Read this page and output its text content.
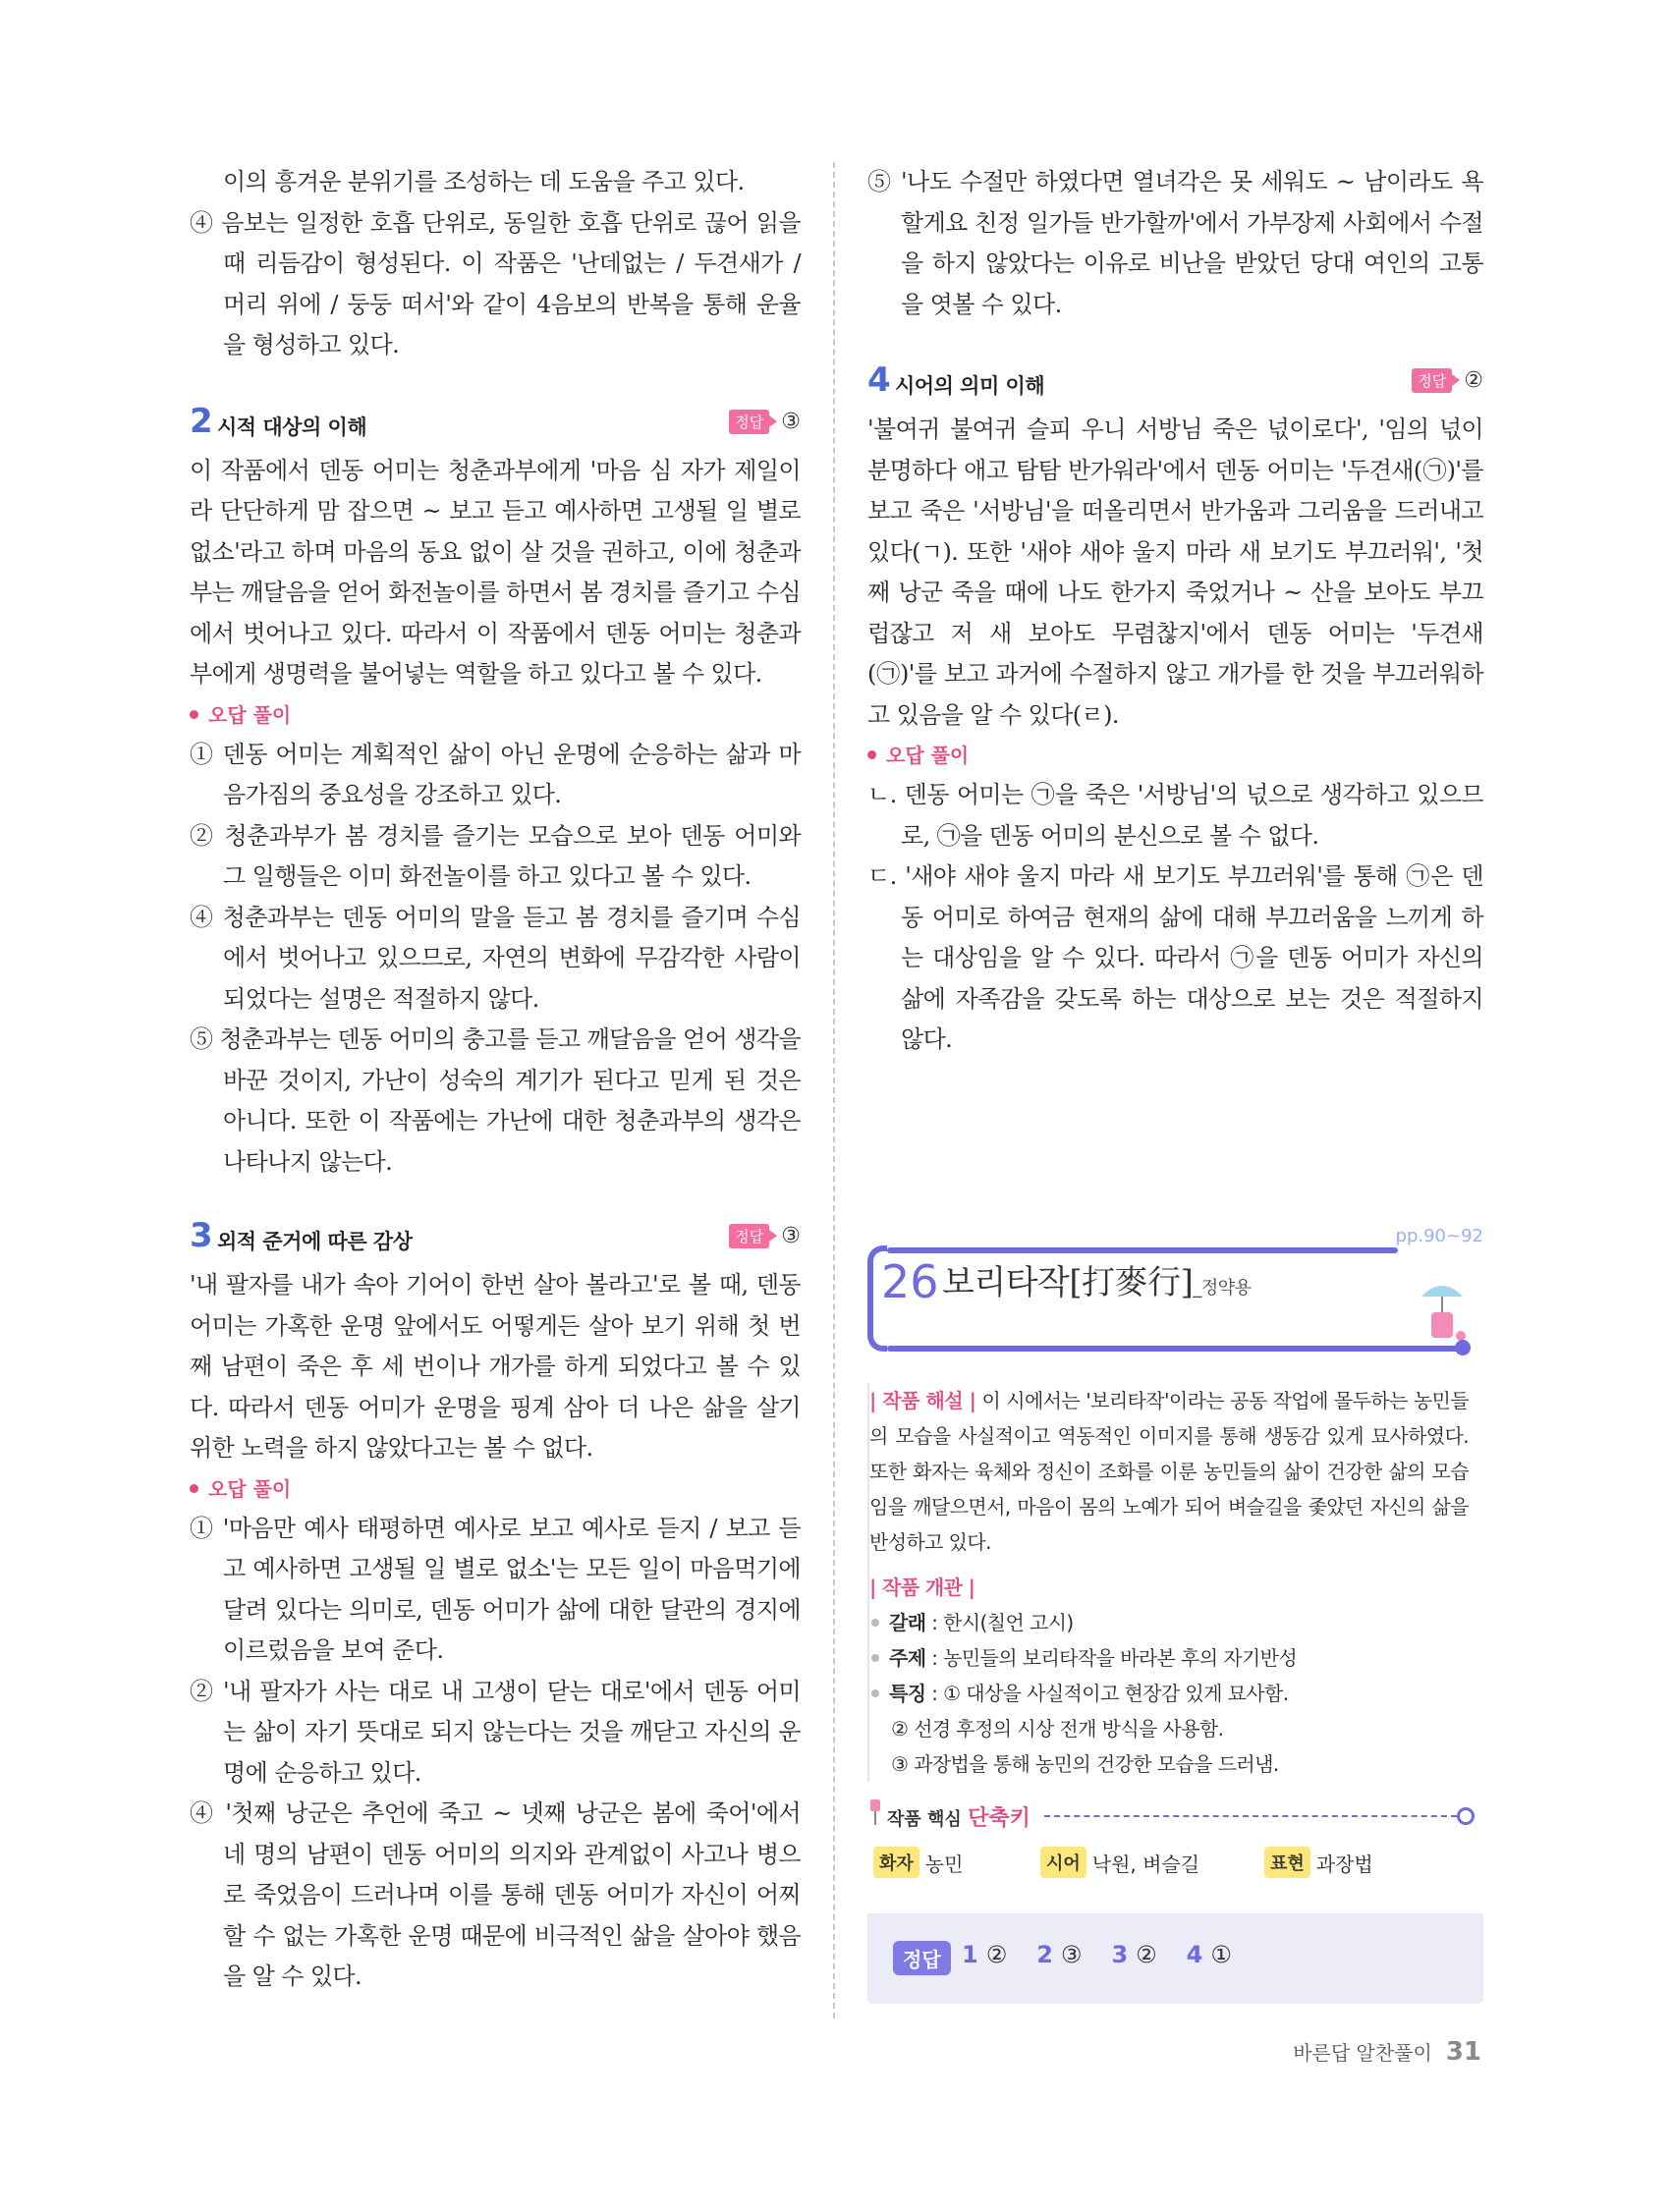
이의 흥겨운 분위기를 조성하는 데 도움을 주고 있다.

④ 음보는 일정한 호흡 단위로, 동일한 호흡 단위로 끊어 읽을 때 리듬감이 형성된다. 이 작품은 '난데없는 / 두견새가 / 머리 위에 / 둥둥 떠서'와 같이 4음보의 반복을 통해 운율을 형성하고 있다.

2 시적 대상의 이해	정답 ③

이 작품에서 덴동 어미는 청춘과부에게 '마음 심 자가 제일이라 단단하게 맘 잡으면 ~ 보고 듣고 예사하면 고생될 일 별로 없소'라고 하며 마음의 동요 없이 살 것을 권하고, 이에 청춘과부는 깨달음을 얻어 화전놀이를 하면서 봄 경치를 즐기고 수심에서 벗어나고 있다. 따라서 이 작품에서 덴동 어미는 청춘과부에게 생명력을 불어넣는 역할을 하고 있다고 볼 수 있다.

오답 풀이

① 덴동 어미는 계획적인 삶이 아닌 운명에 순응하는 삶과 마음가짐의 중요성을 강조하고 있다.

② 청춘과부가 봄 경치를 즐기는 모습으로 보아 덴동 어미와 그 일행들은 이미 화전놀이를 하고 있다고 볼 수 있다.

④ 청춘과부는 덴동 어미의 말을 듣고 봄 경치를 즐기며 수심에서 벗어나고 있으므로, 자연의 변화에 무감각한 사람이 되었다는 설명은 적절하지 않다.

⑤ 청춘과부는 덴동 어미의 충고를 듣고 깨달음을 얻어 생각을 바꾼 것이지, 가난이 성숙의 계기가 된다고 믿게 된 것은 아니다. 또한 이 작품에는 가난에 대한 청춘과부의 생각은 나타나지 않는다.

3 외적 준거에 따른 감상	정답 ③

'내 팔자를 내가 속아 기어이 한번 살아 볼라고'로 볼 때, 덴동 어미는 가혹한 운명 앞에서도 어떻게든 살아 보기 위해 첫 번째 남편이 죽은 후 세 번이나 개가를 하게 되었다고 볼 수 있다. 따라서 덴동 어미가 운명을 핑계 삼아 더 나은 삶을 살기 위한 노력을 하지 않았다고는 볼 수 없다.

오답 풀이

① '마음만 예사 태평하면 예사로 보고 예사로 듣지 / 보고 듣고 예사하면 고생될 일 별로 없소'는 모든 일이 마음먹기에 달려 있다는 의미로, 덴동 어미가 삶에 대한 달관의 경지에 이르렀음을 보여 준다.

② '내 팔자가 사는 대로 내 고생이 닫는 대로'에서 덴동 어미는 삶이 자기 뜻대로 되지 않는다는 것을 깨닫고 자신의 운명에 순응하고 있다.

④ '첫째 낭군은 추언에 죽고 ~ 넷째 낭군은 봄에 죽어'에서 네 명의 남편이 덴동 어미의 의지와 관계없이 사고나 병으로 죽었음이 드러나며 이를 통해 덴동 어미가 자신이 어찌할 수 없는 가혹한 운명 때문에 비극적인 삶을 살아야 했음을 알 수 있다.

⑤ '나도 수절만 하였다면 열녀각은 못 세워도 ~ 남이라도 욕할게요 친정 일가들 반가할까'에서 가부장제 사회에서 수절을 하지 않았다는 이유로 비난을 받았던 당대 여인의 고통을 엿볼 수 있다.

4 시어의 의미 이해	정답 ②

'불여귀 불여귀 슬피 우니 서방님 죽은 넋이로다', '임의 넋이 분명하다 애고 탐탐 반가워라'에서 덴동 어미는 '두견새(㉠)'를 보고 죽은 '서방님'을 떠올리면서 반가움과 그리움을 드러내고 있다(ㄱ). 또한 '새야 새야 울지 마라 새 보기도 부끄러워', '첫째 낭군 죽을 때에 나도 한가지 죽었거나 ~ 산을 보아도 부끄럽잖고 저 새 보아도 무렴찮지'에서 덴동 어미는 '두견새(㉠)'를 보고 과거에 수절하지 않고 개가를 한 것을 부끄러워하고 있음을 알 수 있다(ㄹ).

오답 풀이

ㄴ. 덴동 어미는 ㉠을 죽은 '서방님'의 넋으로 생각하고 있으므로, ㉠을 덴동 어미의 분신으로 볼 수 없다.

ㄷ. '새야 새야 울지 마라 새 보기도 부끄러워'를 통해 ㉠은 덴동 어미로 하여금 현재의 삶에 대해 부끄러움을 느끼게 하는 대상임을 알 수 있다. 따라서 ㉠을 덴동 어미가 자신의 삶에 자족감을 갖도록 하는 대상으로 보는 것은 적절하지 않다.

pp.90~92
26 보리타작[打麥行]_정약용

| 작품 해설 | 이 시에서는 '보리타작'이라는 공동 작업에 몰두하는 농민들의 모습을 사실적이고 역동적인 이미지를 통해 생동감 있게 묘사하였다. 또한 화자는 육체와 정신이 조화를 이룬 농민들의 삶이 건강한 삶의 모습임을 깨달으면서, 마음이 몸의 노예가 되어 벼슬길을 좇았던 자신의 삶을 반성하고 있다.

| 작품 개관 |

갈래 : 한시(칠언 고시)

주제 : 농민들의 보리타작을 바라본 후의 자기반성

특징 : ① 대상을 사실적이고 현장감 있게 묘사함.

② 선경 후정의 시상 전개 방식을 사용함.

③ 과장법을 통해 농민의 건강한 모습을 드러냄.

작품 핵심 단축키
화자 농민	시어 낙원, 벼슬길	표현 과장법
정답 1 ② 2 ③ 3 ② 4 ①
바른답 알찬풀이 31
